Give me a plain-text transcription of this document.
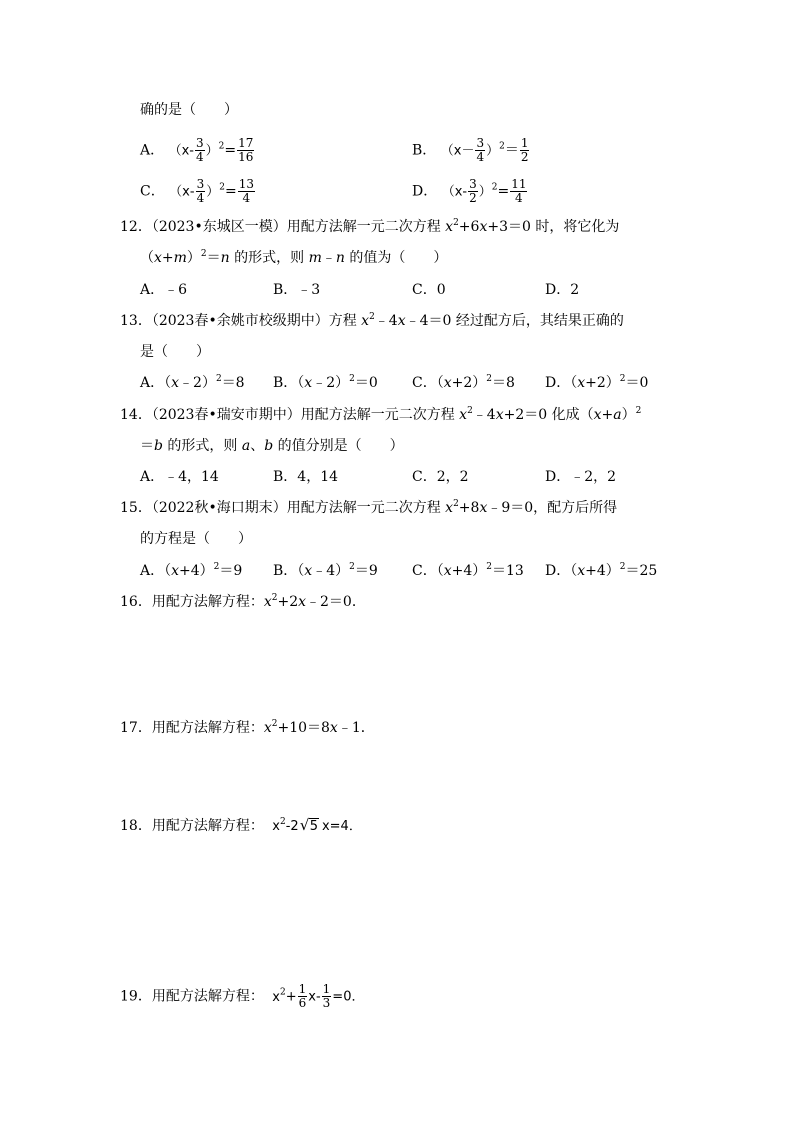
确的是（　　）
A． $(x- \frac{3}{4} )^2= \frac{17}{16}$	B． $(x- \frac{3}{4} )^2= \frac{1}{2}$
C． $(x- \frac{3}{4} )^2= \frac{13}{4}$	D． $(x- \frac{3}{2} )^2= \frac{11}{4}$
12．（2023•东城区一模）用配方法解一元二次方程 $x^2+6x+3=0$ 时，将它化为
$(x+m)^2=n$ 的形式，则 m﹣n 的值为（　　）
A．﹣6	B．﹣3	C．0	D．2
13．（2023春•余姚市校级期中）方程 $x^2﹣4x﹣4=0$ 经过配方后，其结果正确的
是（　　）
A．（x﹣2）$^2$＝8 B．（x﹣2）$^2$＝0 C．$(x+2)^2=8$ D．$(x+2)^2=0$
14．（2023春•瑞安市期中）用配方法解一元二次方程 $x^2﹣4x+2=0$ 化成$(x+a)^2$
＝b 的形式，则 a、b 的值分别是（　　）
A．﹣4，14	B．4，14	C．2，2	D．﹣2，2
15．（2022秋•海口期末）用配方法解一元二次方程 $x^2+8x﹣9=0$，配方后所得
的方程是（　　）
A．$(x+4)^2=9$ B．（x﹣4）$^2$＝9 C．$(x+4)^2=13$ D．$(x+4)^2=25$
16．用配方法解方程：$x^2+2x﹣2=0$．
17．用配方法解方程：$x^2+10=8x﹣1$．
18．用配方法解方程： $x^2-2$ √ 5 x=4．
19．用配方法解方程： $x^2+ \frac{1}{6} x- \frac{1}{3} =0$．
